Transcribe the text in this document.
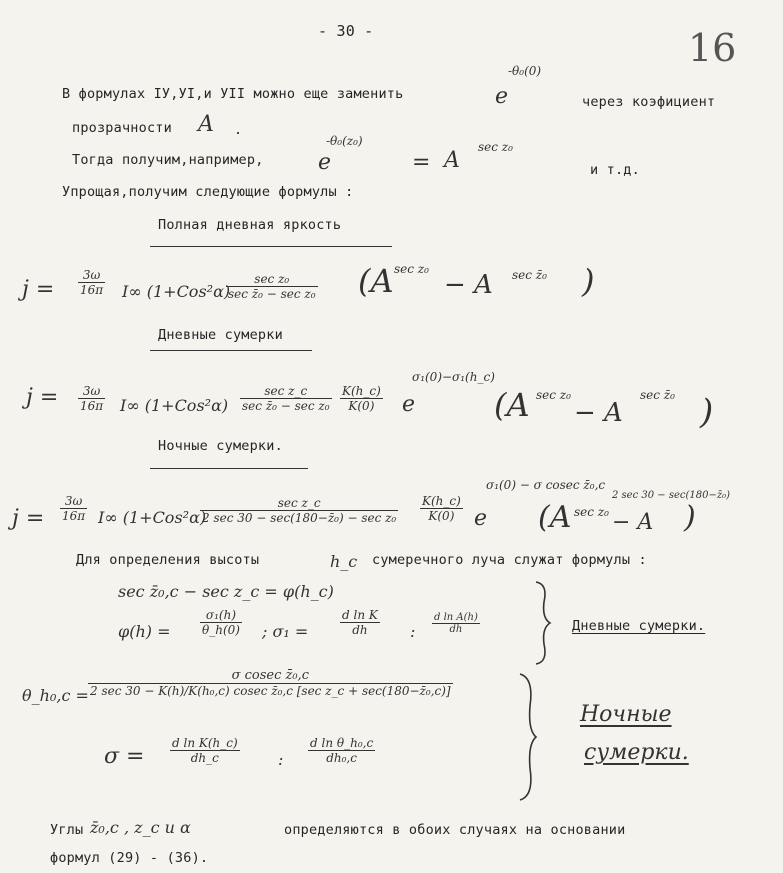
- 30 -	16
В формулах IУ,УI,и УII можно еще заменить	e
-θ₀(0)
через коэфициент
прозрачности A .
Тогда получим,например, e
-θ₀(z₀)
= A
sec z₀
и т.д.
Упрощая,получим следующие формулы :
Полная дневная яркость
$j = \frac{3\omega}{16\pi} I\infty$ (1+Cos²α)
sec z₀
sec z̄₀ − sec z₀ (A sec z₀
− A sec z̄₀ )
Дневные сумерки
$j = \frac{3\omega}{16\pi} I\infty$ (1+Cos²α)
sec z_c
sec z̄₀ − $\sec z_0 \frac{K(h\_c)}{K(0)}$ e
σ₁(0)−σ₁(h_c)
(A sec z₀
− A
sec z̄₀ )
Ночные сумерки.
$j = \frac{3\omega}{16\pi} I\infty$ (1+Cos²α)
sec z_c
2 sec 30 − sec(180−z̄₀) − $\sec z_0 \frac{K(h\_c)}{K(0)}$ e
σ₁(0) − σ cosec z̄₀,c
(A sec z₀ − A
2 sec 30 − sec(180−z̄₀)
)
Для определения высоты	h_c сумеречного луча служат формулы :
sec z̄₀,c − sec z_c = φ(h_c)
$\varphi(h) = \frac{\text{σ₁(h)}}{\theta\_h(0)}$ ; σ₁ =	$\frac{\text{d ln K}}{dh}$ : $\frac{\text{d ln A(h)}}{dh}$	Дневные сумерки.
θ_h₀,c =
σ cosec z̄₀,c
2 sec 30 − K(h)/K(h₀,c) cosec z̄₀,c [sec z_c + sec(180−z̄₀,c)]
$\sigma = \frac{\text{d ln K(h\_c)}}{dh\_c}$ : $\frac{\text{d ln θ\_h₀,c}}{\text{dh₀,c}}$
Ночные
сумерки.
Углы z̄₀,c , z_c и α	определяются в обоих случаях на основании
формул (29) - (36).
